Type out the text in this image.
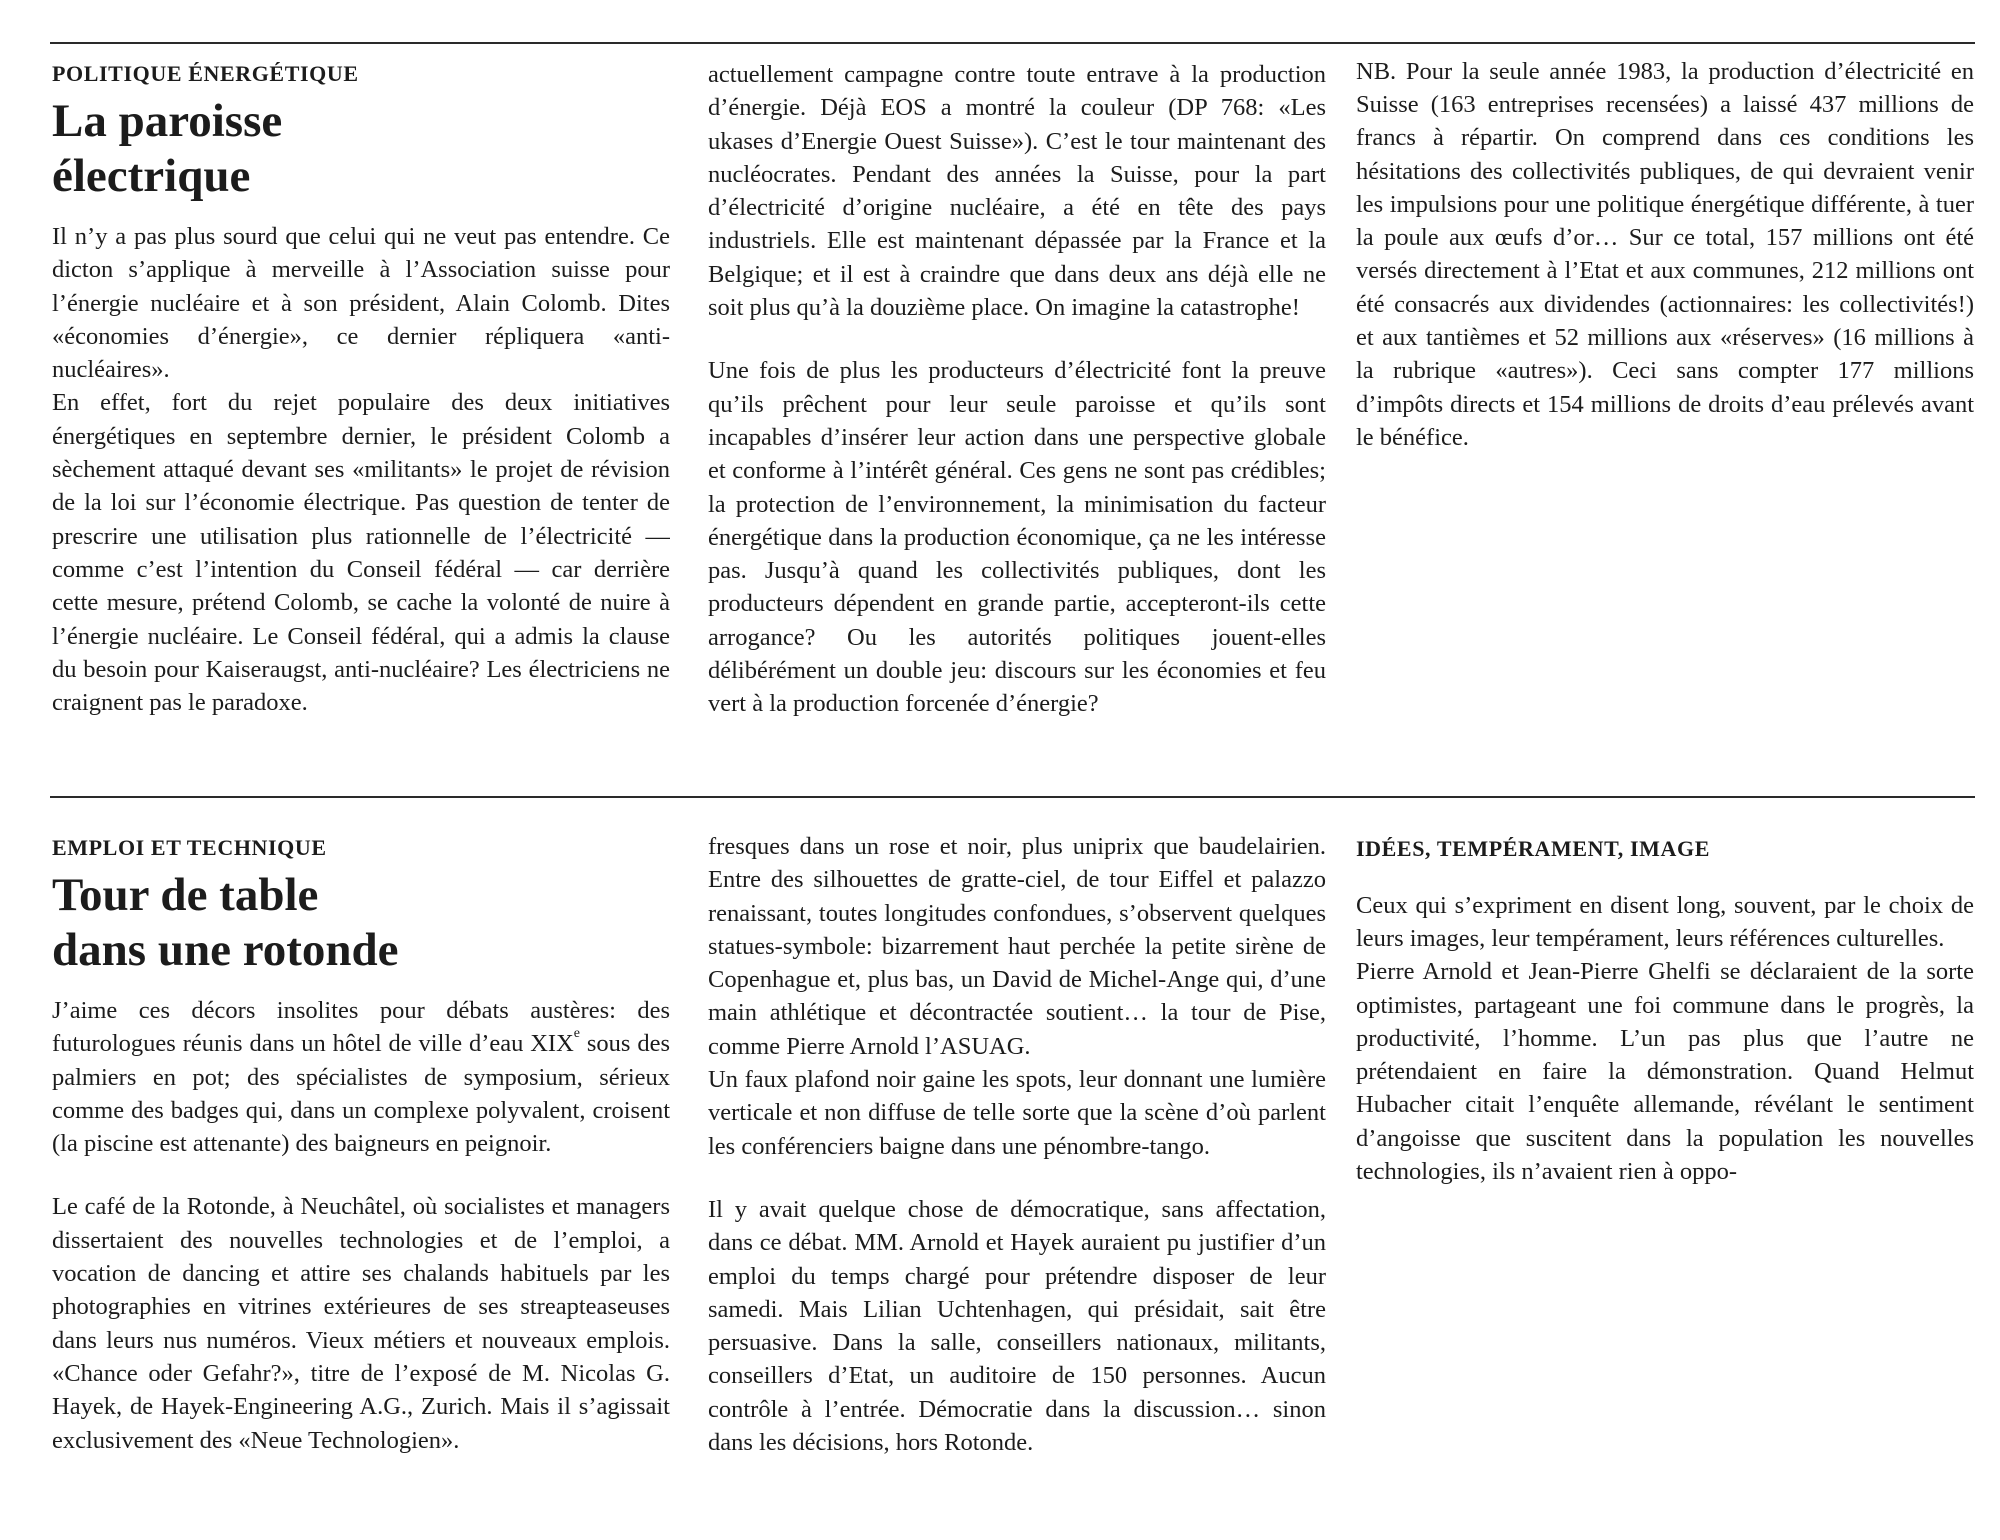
POLITIQUE ÉNERGÉTIQUE
La paroisse
électrique

Il n’y a pas plus sourd que celui qui ne veut pas entendre. Ce dicton s’applique à merveille à l’Association suisse pour l’énergie nucléaire et à son président, Alain Colomb. Dites «économies d’énergie», ce dernier répliquera «anti-nucléaires».

En effet, fort du rejet populaire des deux initiatives énergétiques en septembre dernier, le président Colomb a sèchement attaqué devant ses «militants» le projet de révision de la loi sur l’économie électrique. Pas question de tenter de prescrire une utilisation plus rationnelle de l’électricité — comme c’est l’intention du Conseil fédéral — car derrière cette mesure, prétend Colomb, se cache la volonté de nuire à l’énergie nucléaire. Le Conseil fédéral, qui a admis la clause du besoin pour Kaiseraugst, anti-nucléaire? Les électriciens ne craignent pas le paradoxe.

actuellement campagne contre toute entrave à la production d’énergie. Déjà EOS a montré la couleur (DP 768: «Les ukases d’Energie Ouest Suisse»). C’est le tour maintenant des nucléocrates. Pendant des années la Suisse, pour la part d’électricité d’origine nucléaire, a été en tête des pays industriels. Elle est maintenant dépassée par la France et la Belgique; et il est à craindre que dans deux ans déjà elle ne soit plus qu’à la douzième place. On imagine la catastrophe!

Une fois de plus les producteurs d’électricité font la preuve qu’ils prêchent pour leur seule paroisse et qu’ils sont incapables d’insérer leur action dans une perspective globale et conforme à l’intérêt général. Ces gens ne sont pas crédibles; la protection de l’environnement, la minimisation du facteur énergétique dans la production économique, ça ne les intéresse pas. Jusqu’à quand les collectivités publiques, dont les producteurs dépendent en grande partie, accepteront-ils cette arrogance? Ou les autorités politiques jouent-elles délibérément un double jeu: discours sur les économies et feu vert à la production forcenée d’énergie?

NB. Pour la seule année 1983, la production d’électricité en Suisse (163 entreprises recensées) a laissé 437 millions de francs à répartir. On comprend dans ces conditions les hésitations des collectivités publiques, de qui devraient venir les impulsions pour une politique énergétique différente, à tuer la poule aux œufs d’or… Sur ce total, 157 millions ont été versés directement à l’Etat et aux communes, 212 millions ont été consacrés aux dividendes (actionnaires: les collectivités!) et aux tantièmes et 52 millions aux «réserves» (16 millions à la rubrique «autres»). Ceci sans compter 177 millions d’impôts directs et 154 millions de droits d’eau prélevés avant le bénéfice.

EMPLOI ET TECHNIQUE
Tour de table
dans une rotonde

J’aime ces décors insolites pour débats austères: des futurologues réunis dans un hôtel de ville d’eau XIXe sous des palmiers en pot; des spécialistes de symposium, sérieux comme des badges qui, dans un complexe polyvalent, croisent (la piscine est attenante) des baigneurs en peignoir.

Le café de la Rotonde, à Neuchâtel, où socialistes et managers dissertaient des nouvelles technologies et de l’emploi, a vocation de dancing et attire ses chalands habituels par les photographies en vitrines extérieures de ses streapteaseuses dans leurs nus numéros. Vieux métiers et nouveaux emplois. «Chance oder Gefahr?», titre de l’exposé de M. Nicolas G. Hayek, de Hayek-Engineering A.G., Zurich. Mais il s’agissait exclusivement des «Neue Technologien».

fresques dans un rose et noir, plus uniprix que baudelairien. Entre des silhouettes de gratte-ciel, de tour Eiffel et palazzo renaissant, toutes longitudes confondues, s’observent quelques statues-symbole: bizarrement haut perchée la petite sirène de Copenhague et, plus bas, un David de Michel-Ange qui, d’une main athlétique et décontractée soutient… la tour de Pise, comme Pierre Arnold l’ASUAG.

Un faux plafond noir gaine les spots, leur donnant une lumière verticale et non diffuse de telle sorte que la scène d’où parlent les conférenciers baigne dans une pénombre-tango.

Il y avait quelque chose de démocratique, sans affectation, dans ce débat. MM. Arnold et Hayek auraient pu justifier d’un emploi du temps chargé pour prétendre disposer de leur samedi. Mais Lilian Uchtenhagen, qui présidait, sait être persuasive. Dans la salle, conseillers nationaux, militants, conseillers d’Etat, un auditoire de 150 personnes. Aucun contrôle à l’entrée. Démocratie dans la discussion… sinon dans les décisions, hors Rotonde.

IDÉES, TEMPÉRAMENT, IMAGE

Ceux qui s’expriment en disent long, souvent, par le choix de leurs images, leur tempérament, leurs références culturelles.

Pierre Arnold et Jean-Pierre Ghelfi se déclaraient de la sorte optimistes, partageant une foi commune dans le progrès, la productivité, l’homme. L’un pas plus que l’autre ne prétendaient en faire la démonstration. Quand Helmut Hubacher citait l’enquête allemande, révélant le sentiment d’angoisse que suscitent dans la population les nouvelles technologies, ils n’avaient rien à oppo-
